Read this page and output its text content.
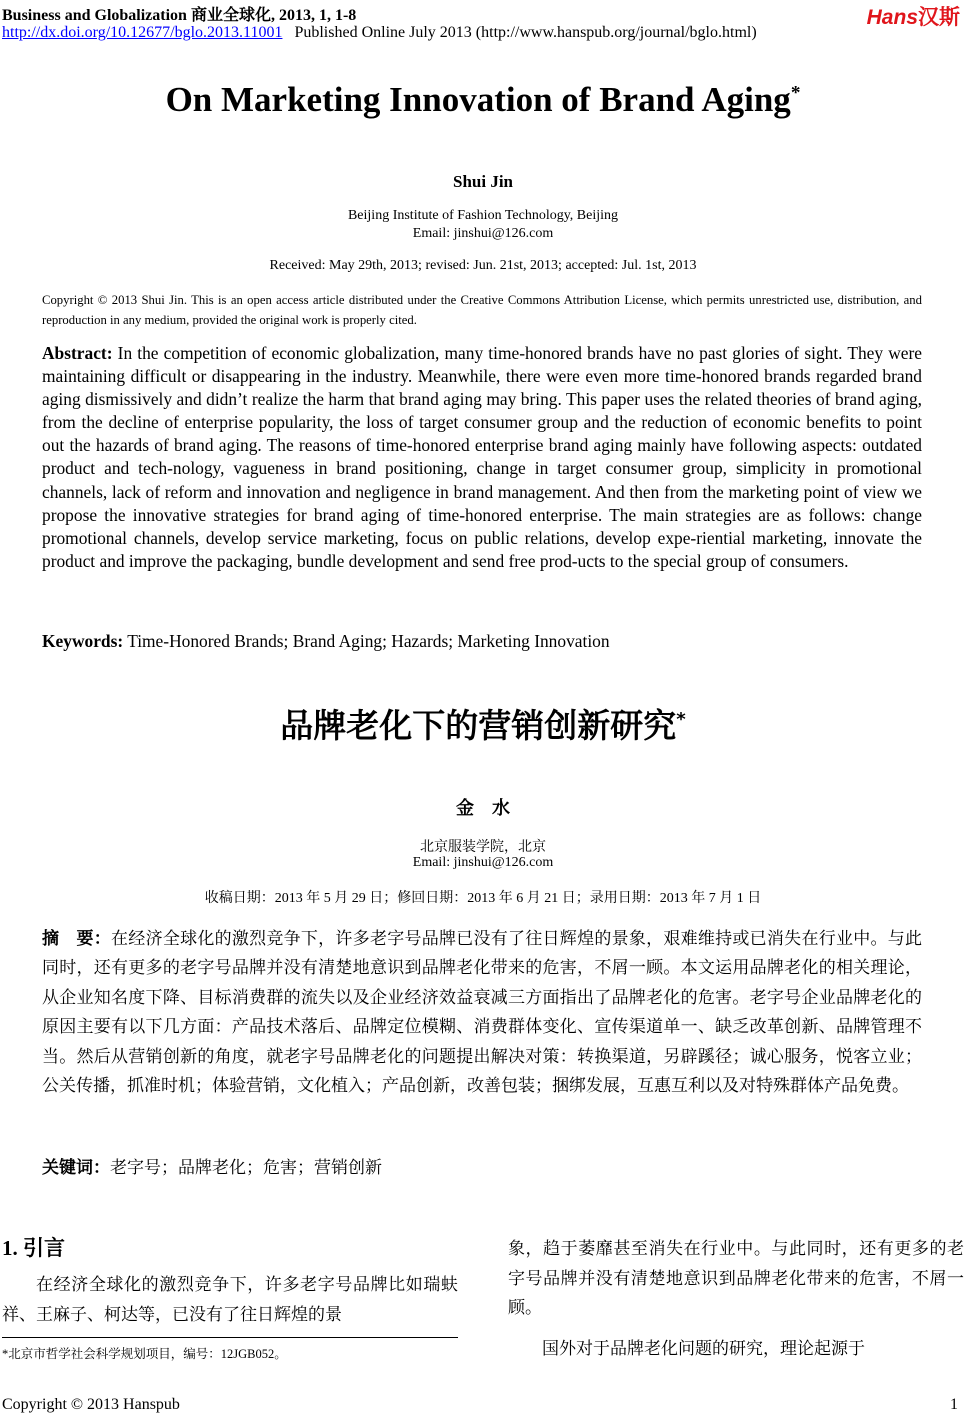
Business and Globalization 商业全球化, 2013, 1, 1-8
http://dx.doi.org/10.12677/bglo.2013.11001 Published Online July 2013 (http://www.hanspub.org/journal/bglo.html)
Hans汉斯
On Marketing Innovation of Brand Aging*
Shui Jin
Beijing Institute of Fashion Technology, Beijing
Email: jinshui@126.com
Received: May 29th, 2013; revised: Jun. 21st, 2013; accepted: Jul. 1st, 2013
Copyright © 2013 Shui Jin. This is an open access article distributed under the Creative Commons Attribution License, which permits unrestricted use, distribution, and reproduction in any medium, provided the original work is properly cited.
Abstract: In the competition of economic globalization, many time-honored brands have no past glories of sight. They were maintaining difficult or disappearing in the industry. Meanwhile, there were even more time-honored brands regarded brand aging dismissively and didn’t realize the harm that brand aging may bring. This paper uses the related theories of brand aging, from the decline of enterprise popularity, the loss of target consumer group and the reduction of economic benefits to point out the hazards of brand aging. The reasons of time-honored enterprise brand aging mainly have following aspects: outdated product and tech-nology, vagueness in brand positioning, change in target consumer group, simplicity in promotional channels, lack of reform and innovation and negligence in brand management. And then from the marketing point of view we propose the innovative strategies for brand aging of time-honored enterprise. The main strategies are as follows: change promotional channels, develop service marketing, focus on public relations, develop expe-riential marketing, innovate the product and improve the packaging, bundle development and send free prod-ucts to the special group of consumers.
Keywords: Time-Honored Brands; Brand Aging; Hazards; Marketing Innovation
品牌老化下的营销创新研究*
金　水
北京服装学院，北京
Email: jinshui@126.com
收稿日期：2013 年 5 月 29 日；修回日期：2013 年 6 月 21 日；录用日期：2013 年 7 月 1 日
摘　要：在经济全球化的激烈竞争下，许多老字号品牌已没有了往日辉煌的景象，艰难维持或已消失在行业中。与此同时，还有更多的老字号品牌并没有清楚地意识到品牌老化带来的危害，不屑一顾。本文运用品牌老化的相关理论，从企业知名度下降、目标消费群的流失以及企业经济效益衰减三方面指出了品牌老化的危害。老字号企业品牌老化的原因主要有以下几方面：产品技术落后、品牌定位模糊、消费群体变化、宣传渠道单一、缺乏改革创新、品牌管理不当。然后从营销创新的角度，就老字号品牌老化的问题提出解决对策：转换渠道，另辟蹊径；诚心服务，悦客立业；公关传播，抓准时机；体验营销，文化植入；产品创新，改善包装；捆绑发展，互惠互利以及对特殊群体产品免费。
关键词：老字号；品牌老化；危害；营销创新
1. 引言
在经济全球化的激烈竞争下，许多老字号品牌比如瑞蚨祥、王麻子、柯达等，已没有了往日辉煌的景
*北京市哲学社会科学规划项目，编号：12JGB052。
象，趋于萎靡甚至消失在行业中。与此同时，还有更多的老字号品牌并没有清楚地意识到品牌老化带来的危害，不屑一顾。
国外对于品牌老化问题的研究，理论起源于
Copyright © 2013 Hanspub	1
